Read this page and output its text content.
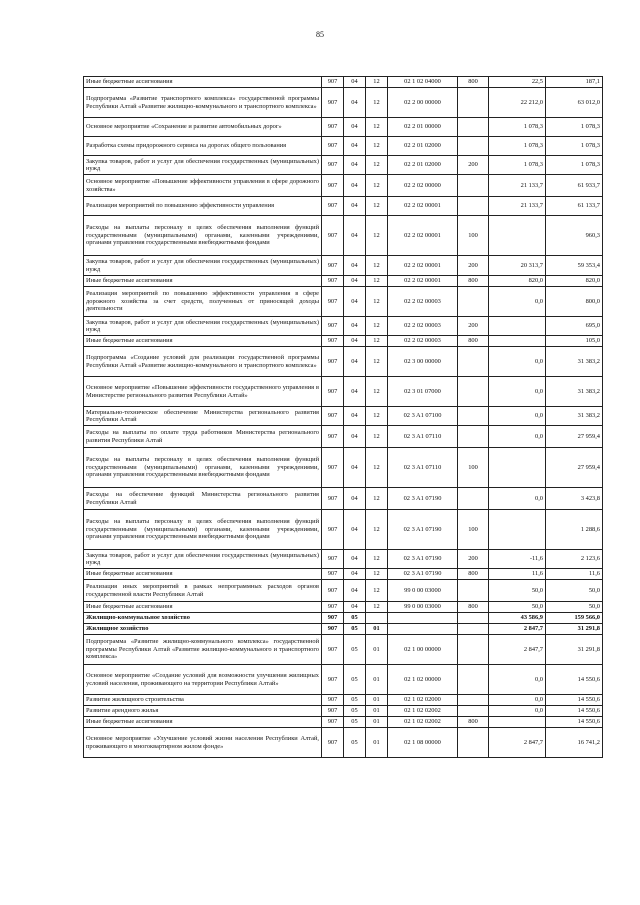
85
Иные бюджетные ассигнования	907	04	12	02 1 02 04000	800	22,5	187,1
Подпрограмма «Развитие транспортного комплекса» государственной программы Республики Алтай «Развитие жилищно-коммунального и транспортного комплекса»	907	04	12	02 2 00 00000		22 212,0	63 012,0
Основное мероприятие «Сохранение и развитие автомобильных дорог»	907	04	12	02 2 01 00000		1 078,3	1 078,3
Разработка схемы придорожного сервиса на дорогах общего пользования	907	04	12	02 2 01 02000		1 078,3	1 078,3
Закупка товаров, работ и услуг для обеспечения государственных (муниципальных) нужд	907	04	12	02 2 01 02000	200	1 078,3	1 078,3
Основное мероприятие «Повышение эффективности управления в сфере дорожного хозяйства»	907	04	12	02 2 02 00000		21 133,7	61 933,7
Реализация мероприятий по повышению эффективности управления	907	04	12	02 2 02 00001		21 133,7	61 133,7
Расходы на выплаты персоналу в целях обеспечения выполнения функций государственными (муниципальными) органами, казенными учреждениями, органами управления государственными внебюджетными фондами	907	04	12	02 2 02 00001	100		960,3
Закупка товаров, работ и услуг для обеспечения государственных (муниципальных) нужд	907	04	12	02 2 02 00001	200	20 313,7	59 353,4
Иные бюджетные ассигнования	907	04	12	02 2 02 00001	800	820,0	820,0
Реализация мероприятий по повышению эффективности управления в сфере дорожного хозяйства за счет средств, полученных от приносящей доходы деятельности	907	04	12	02 2 02 00003		0,0	800,0
Закупка товаров, работ и услуг для обеспечения государственных (муниципальных) нужд	907	04	12	02 2 02 00003	200		695,0
Иные бюджетные ассигнования	907	04	12	02 2 02 00003	800		105,0
Подпрограмма «Создание условий для реализации государственной программы Республики Алтай «Развитие жилищно-коммунального и транспортного комплекса»	907	04	12	02 3 00 00000		0,0	31 383,2
Основное мероприятие «Повышение эффективности государственного управления в Министерстве регионального развития Республики Алтай»	907	04	12	02 3 01 07000		0,0	31 383,2
Материально-техническое обеспечение Министерства регионального развития Республики Алтай	907	04	12	02 3 A1 07100		0,0	31 383,2
Расходы на выплаты по оплате труда работников Министерства регионального развития Республики Алтай	907	04	12	02 3 A1 07110		0,0	27 959,4
Расходы на выплаты персоналу в целях обеспечения выполнения функций государственными (муниципальными) органами, казенными учреждениями, органами управления государственными внебюджетными фондами	907	04	12	02 3 A1 07110	100		27 959,4
Расходы на обеспечение функций Министерства регионального развития Республики Алтай	907	04	12	02 3 A1 07190		0,0	3 423,8
Расходы на выплаты персоналу в целях обеспечения выполнения функций государственными (муниципальными) органами, казенными учреждениями, органами управления государственными внебюджетными фондами	907	04	12	02 3 A1 07190	100		1 288,6
Закупка товаров, работ и услуг для обеспечения государственных (муниципальных) нужд	907	04	12	02 3 A1 07190	200	-11,6	2 123,6
Иные бюджетные ассигнования	907	04	12	02 3 A1 07190	800	11,6	11,6
Реализация иных мероприятий в рамках непрограммных расходов органов государственной власти Республики Алтай	907	04	12	99 0 00 03000		50,0	50,0
Иные бюджетные ассигнования	907	04	12	99 0 00 03000	800	50,0	50,0
Жилищно-коммунальное хозяйство	907	05				43 586,9	159 566,0
Жилищное хозяйство	907	05	01			2 847,7	31 291,8
Подпрограмма «Развитие жилищно-коммунального комплекса» государственной программы Республики Алтай «Развитие жилищно-коммунального и транспортного комплекса»	907	05	01	02 1 00 00000		2 847,7	31 291,8
Основное мероприятие «Создание условий для возможности улучшения жилищных условий населения, проживающего на территории Республики Алтай»	907	05	01	02 1 02 00000		0,0	14 550,6
Развитие жилищного строительства	907	05	01	02 1 02 02000		0,0	14 550,6
Развитие арендного жилья	907	05	01	02 1 02 02002		0,0	14 550,6
Иные бюджетные ассигнования	907	05	01	02 1 02 02002	800		14 550,6
Основное мероприятие «Улучшение условий жизни населения Республики Алтай, проживающего в многоквартирном жилом фонде»	907	05	01	02 1 08 00000		2 847,7	16 741,2
